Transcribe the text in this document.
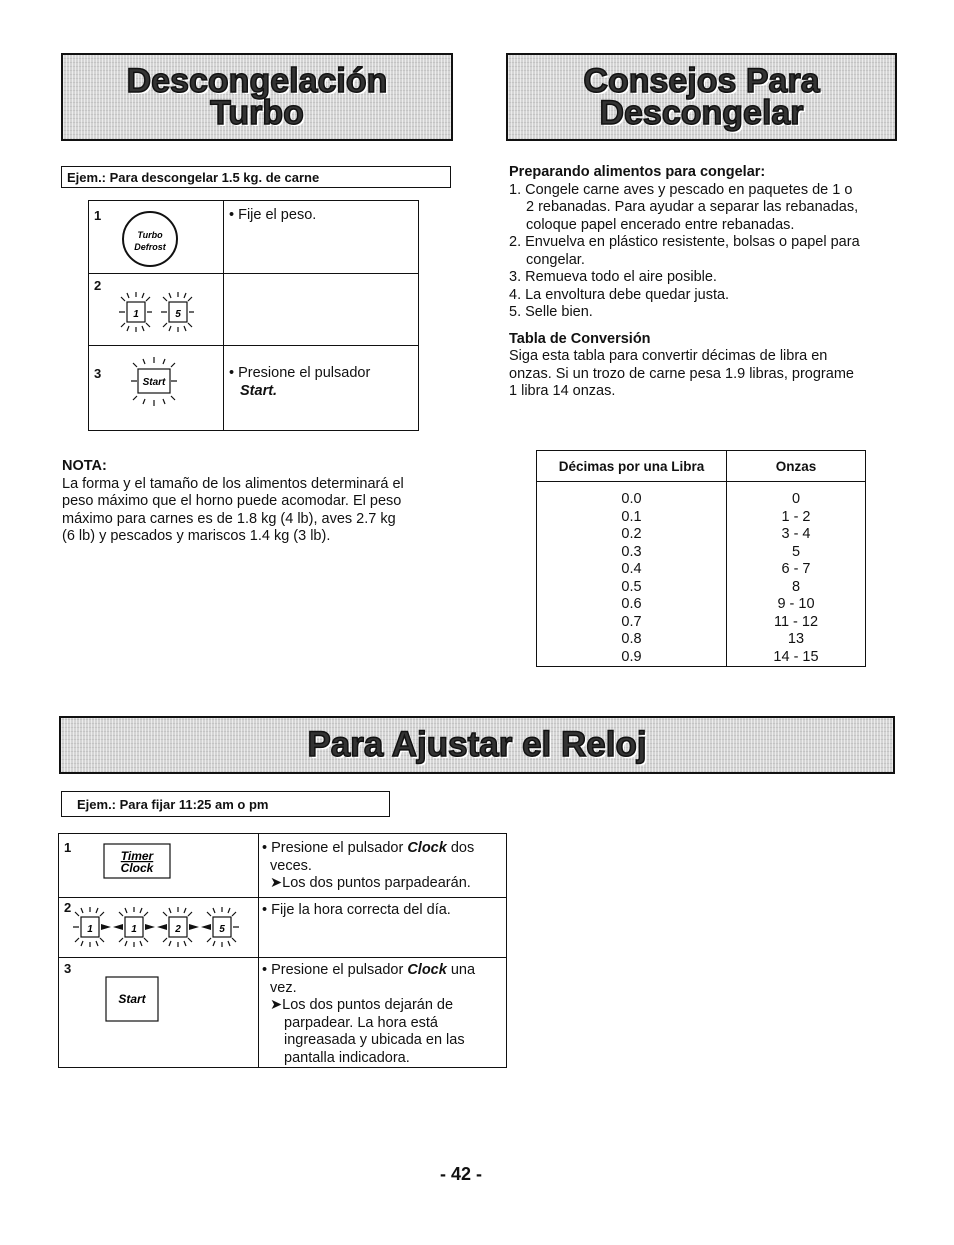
Descongelación
Turbo
Consejos Para
Descongelar
Ejem.: Para descongelar 1.5 kg. de carne
1
Turbo
Defrost
• Fije el peso.
2
1	5
3
Start
• Presione el pulsador
Start.
NOTA:
La forma y el tamaño de los alimentos determinará el
peso máximo que el horno puede acomodar. El peso
máximo para carnes es de 1.8 kg (4 lb), aves 2.7 kg
(6 lb) y pescados y mariscos 1.4 kg (3 lb).
Preparando alimentos para congelar:
1. Congele carne aves y pescado en paquetes de 1 o
2 rebanadas. Para ayudar a separar las rebanadas,
coloque papel encerado entre rebanadas.
2. Envuelva en plástico resistente, bolsas o papel para
congelar.
3. Remueva todo el aire posible.
4. La envoltura debe quedar justa.
5. Selle bien.
Tabla de Conversión
Siga esta tabla para convertir décimas de libra en
onzas. Si un trozo de carne pesa 1.9 libras, programe
1 libra 14 onzas.
Décimas por una Libra	Onzas
0.0	0
0.1	1 - 2
0.2	3 - 4
0.3	5
0.4	6 - 7
0.5	8
0.6	9 - 10
0.7	11 - 12
0.8	13
0.9	14 - 15
Para Ajustar el Reloj
Ejem.: Para fijar 11:25 am o pm
1
Timer
Clock
• Presione el pulsador Clock dos
veces.
➤Los dos puntos parpadearán.
2
1	1	2	5
• Fije la hora correcta del día.
3
Start
• Presione el pulsador Clock una
vez.
➤Los dos puntos dejarán de
parpadear. La hora está
ingreasada y ubicada en las
pantalla indicadora.
- 42 -
